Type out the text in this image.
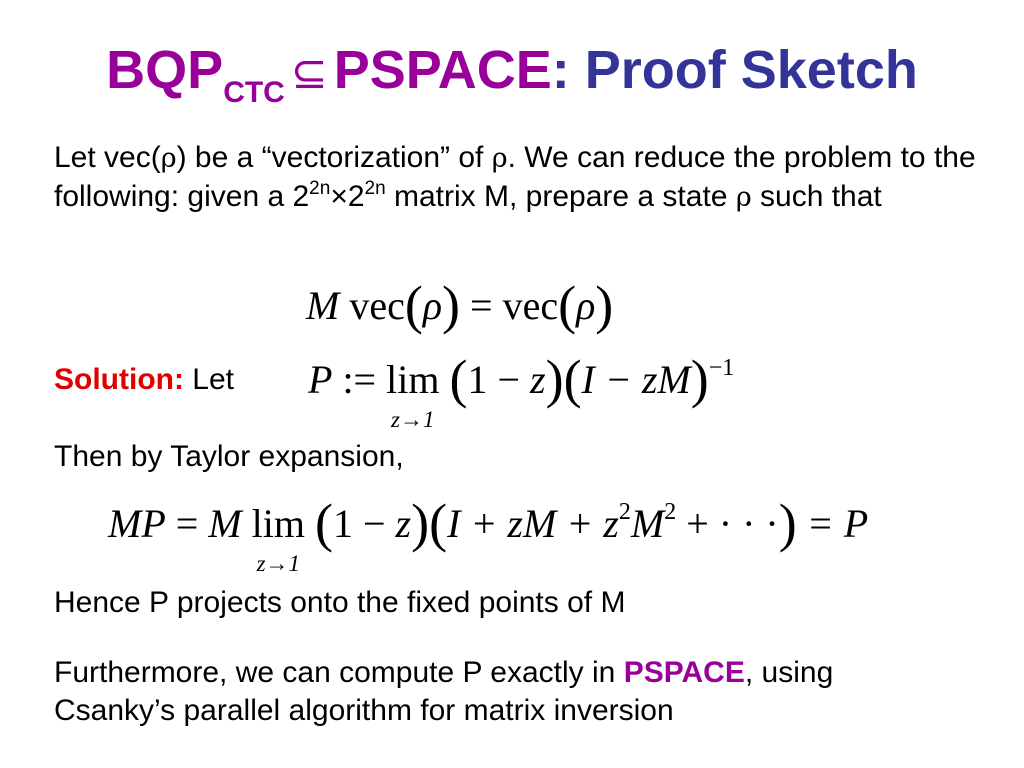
$BQP_{CTC}$ ⊆ PSPACE: Proof Sketch
Let vec(ρ) be a “vectorization” of ρ. We can reduce the problem to the following: given a $2^{2n}\times 2^{2n}$ matrix M, prepare a state ρ such that
M vec(ρ) = vec(ρ)
Solution: Let	P := lim
z→1
(1 − z)(I − zM)$^{-1}$
Then by Taylor expansion,
MP = M lim
z→1
(1 − z)(I + zM + $z^2M^2$ + · · ·) = P
Hence P projects onto the fixed points of M
Furthermore, we can compute P exactly in PSPACE, using Csanky’s parallel algorithm for matrix inversion
